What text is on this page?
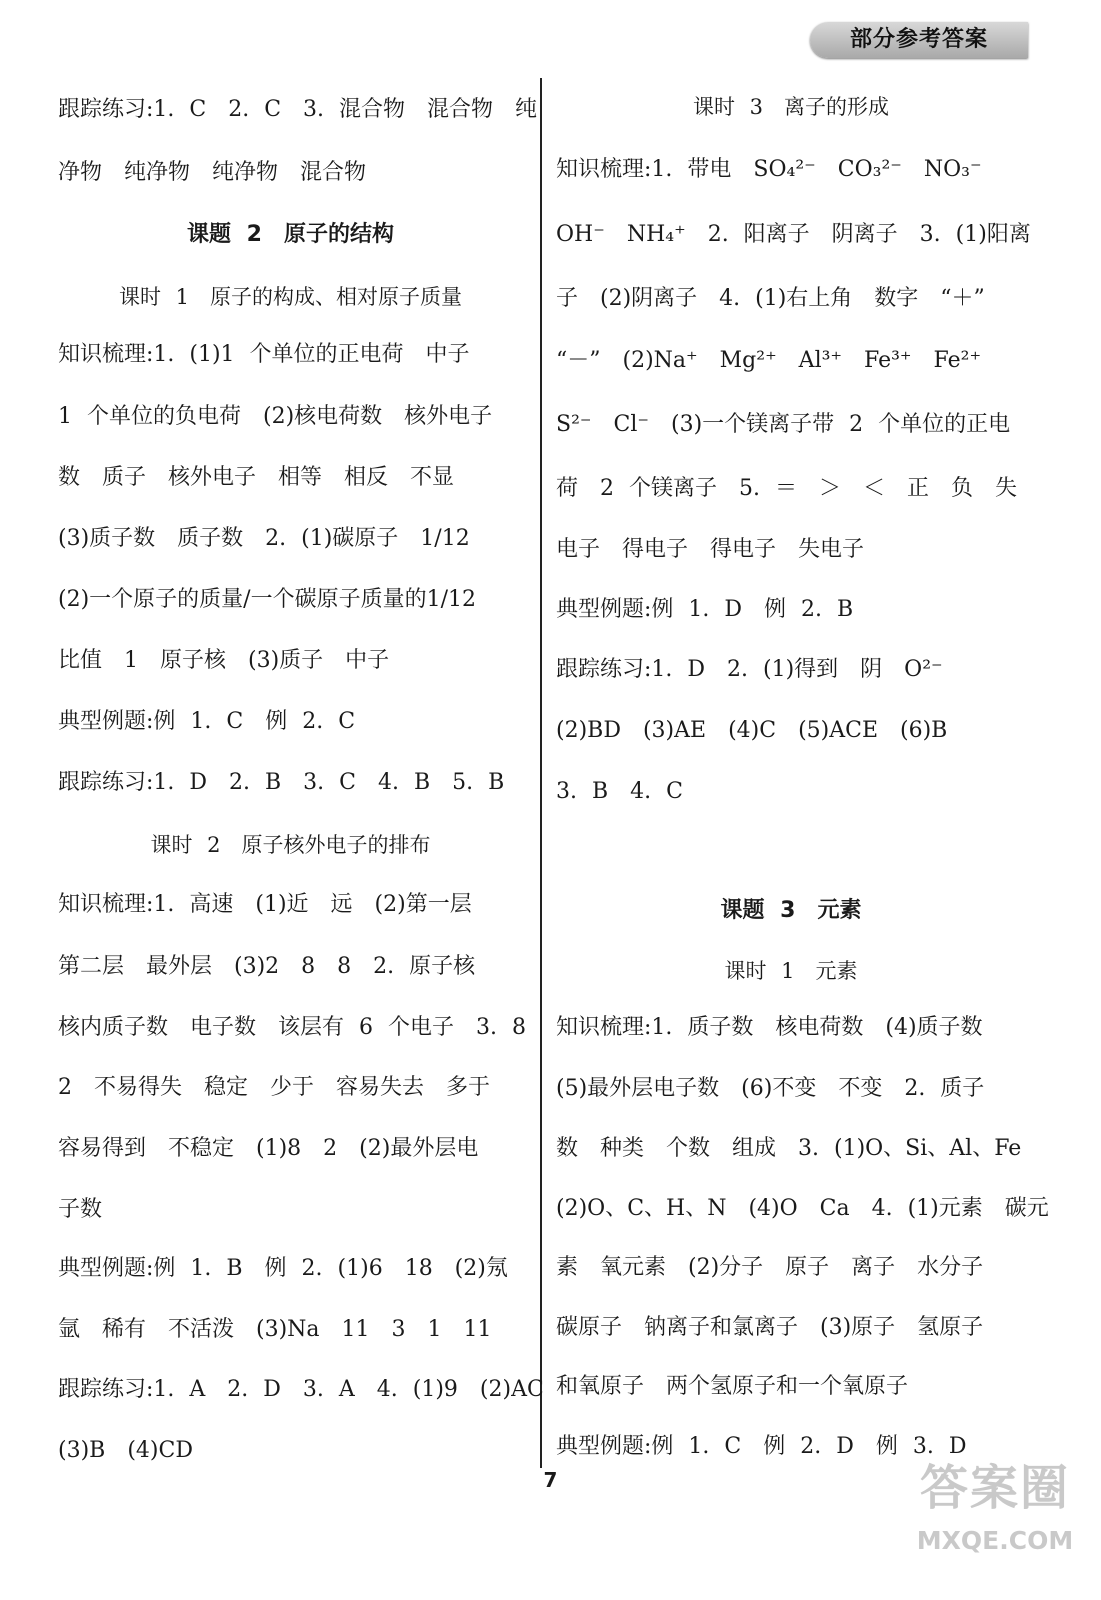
部分参考答案
跟踪练习:1. C　2. C　3. 混合物　混合物　纯
净物　纯净物　纯净物　混合物
课题 2　原子的结构
课时 1　原子的构成、相对原子质量
知识梳理:1. (1)1 个单位的正电荷　中子
1 个单位的负电荷　(2)核电荷数　核外电子
数　质子　核外电子　相等　相反　不显
(3)质子数　质子数　2. (1)碳原子　1/12
(2)一个原子的质量/一个碳原子质量的1/12
比值　1　原子核　(3)质子　中子
典型例题:例 1. C　例 2. C
跟踪练习:1. D　2. B　3. C　4. B　5. B
课时 2　原子核外电子的排布
知识梳理:1. 高速　(1)近　远　(2)第一层
第二层　最外层　(3)2　8　8　2. 原子核
核内质子数　电子数　该层有 6 个电子　3. 8
2　不易得失　稳定　少于　容易失去　多于
容易得到　不稳定　(1)8　2　(2)最外层电
子数
典型例题:例 1. B　例 2. (1)6　18　(2)氖
氩　稀有　不活泼　(3)Na　11　3　1　11
跟踪练习:1. A　2. D　3. A　4. (1)9　(2)AC
(3)B　(4)CD
课时 3　离子的形成
知识梳理:1. 带电　SO₄²⁻　CO₃²⁻　NO₃⁻
OH⁻　NH₄⁺　2. 阳离子　阴离子　3. (1)阳离
子　(2)阴离子　4. (1)右上角　数字　“＋”
“－”　(2)Na⁺　Mg²⁺　Al³⁺　Fe³⁺　Fe²⁺
S²⁻　Cl⁻　(3)一个镁离子带 2 个单位的正电
荷　2 个镁离子　5. ＝　＞　＜　正　负　失
电子　得电子　得电子　失电子
典型例题:例 1. D　例 2. B
跟踪练习:1. D　2. (1)得到　阴　O²⁻
(2)BD　(3)AE　(4)C　(5)ACE　(6)B
3. B　4. C
课题 3　元素
课时 1　元素
知识梳理:1. 质子数　核电荷数　(4)质子数
(5)最外层电子数　(6)不变　不变　2. 质子
数　种类　个数　组成　3. (1)O、Si、Al、Fe
(2)O、C、H、N　(4)O　Ca　4. (1)元素　碳元
素　氧元素　(2)分子　原子　离子　水分子
碳原子　钠离子和氯离子　(3)原子　氢原子
和氧原子　两个氢原子和一个氧原子
典型例题:例 1. C　例 2. D　例 3. D
7	答案圈
MXQE.COM
